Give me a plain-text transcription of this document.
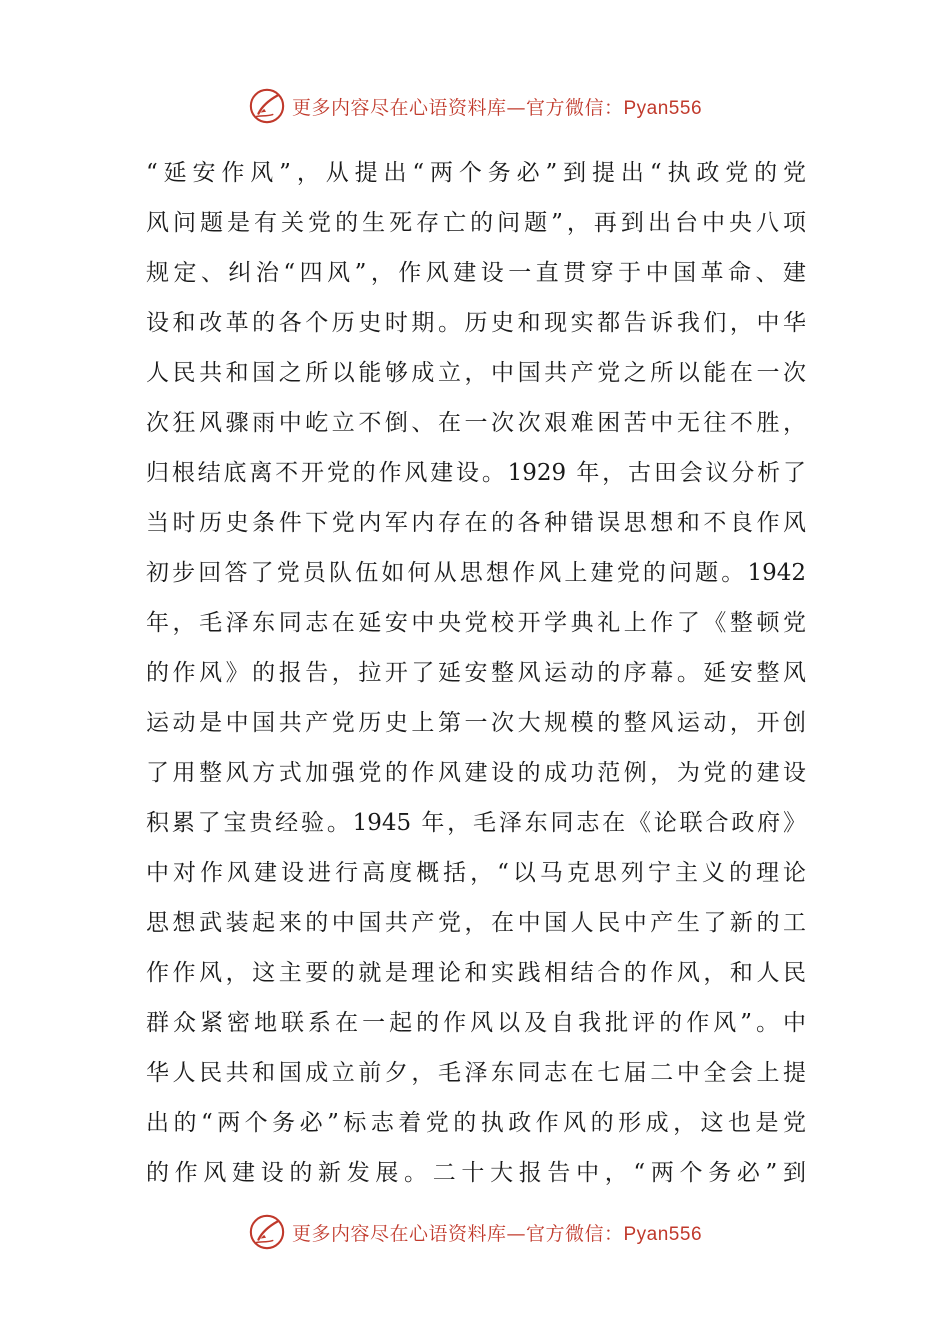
更多内容尽在心语资料库—官方微信：Pyan556
“延安作风”，从提出“两个务必”到提出“执政党的党
风问题是有关党的生死存亡的问题”，再到出台中央八项
规定、纠治“四风”，作风建设一直贯穿于中国革命、建
设和改革的各个历史时期。历史和现实都告诉我们，中华
人民共和国之所以能够成立，中国共产党之所以能在一次
次狂风骤雨中屹立不倒、在一次次艰难困苦中无往不胜，
归根结底离不开党的作风建设。1929 年，古田会议分析了
当时历史条件下党内军内存在的各种错误思想和不良作风
初步回答了党员队伍如何从思想作风上建党的问题。1942
年，毛泽东同志在延安中央党校开学典礼上作了《整顿党
的作风》的报告，拉开了延安整风运动的序幕。延安整风
运动是中国共产党历史上第一次大规模的整风运动，开创
了用整风方式加强党的作风建设的成功范例，为党的建设
积累了宝贵经验。1945 年，毛泽东同志在《论联合政府》
中对作风建设进行高度概括，“以马克思列宁主义的理论
思想武装起来的中国共产党，在中国人民中产生了新的工
作作风，这主要的就是理论和实践相结合的作风，和人民
群众紧密地联系在一起的作风以及自我批评的作风”。中
华人民共和国成立前夕，毛泽东同志在七届二中全会上提
出的“两个务必”标志着党的执政作风的形成，这也是党
的作风建设的新发展。二十大报告中，“两个务必”到
更多内容尽在心语资料库—官方微信：Pyan556
